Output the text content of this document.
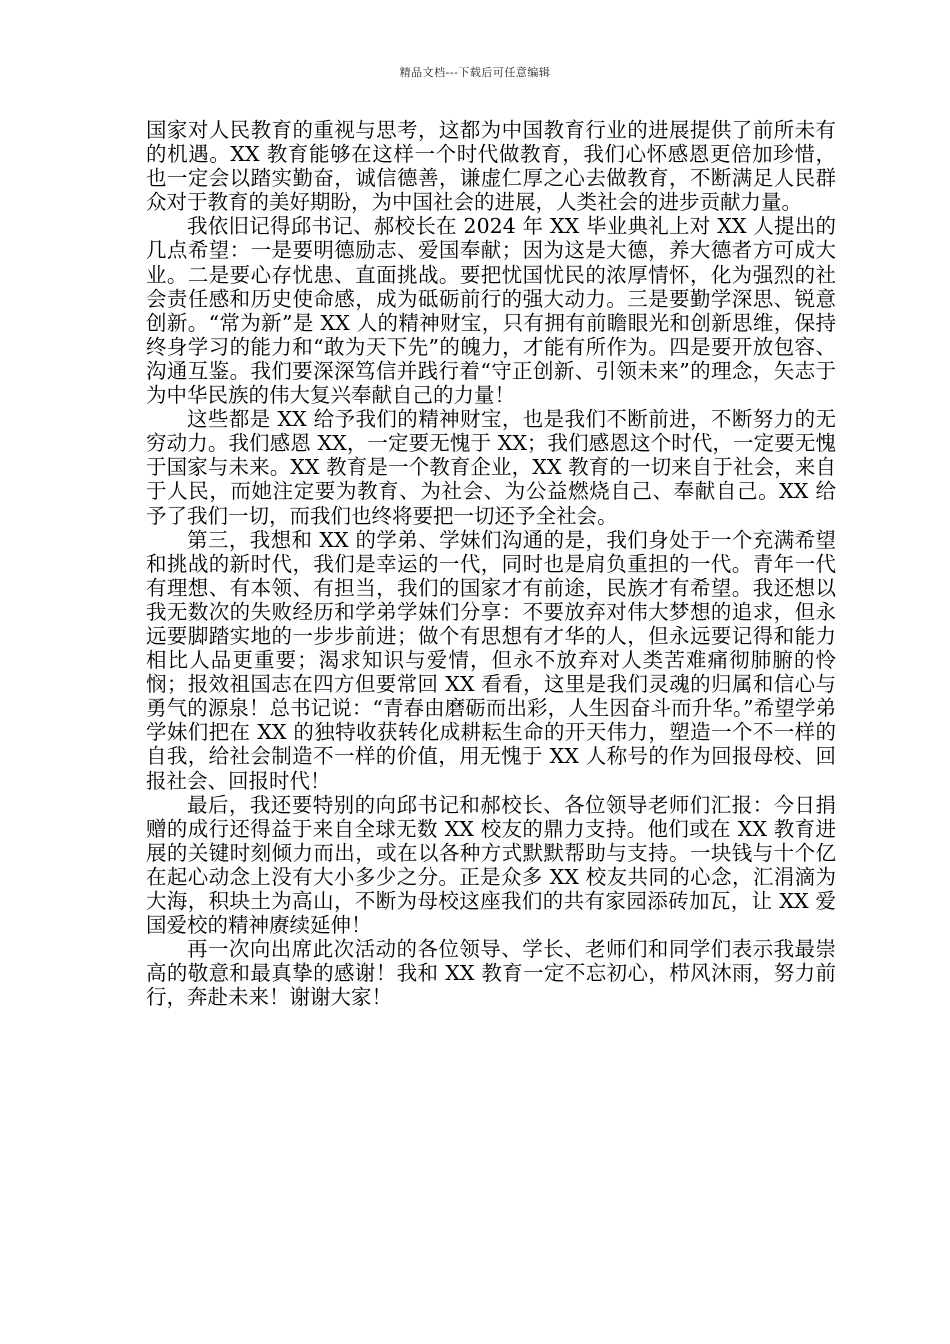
精品文档---下载后可任意编辑

国家对人民教育的重视与思考，这都为中国教育行业的进展提供了前所未有的机遇。XX 教育能够在这样一个时代做教育，我们心怀感恩更倍加珍惜，也一定会以踏实勤奋，诚信德善，谦虚仁厚之心去做教育，不断满足人民群众对于教育的美好期盼，为中国社会的进展，人类社会的进步贡献力量。

我依旧记得邱书记、郝校长在 2024 年 XX 毕业典礼上对 XX 人提出的几点希望：一是要明德励志、爱国奉献；因为这是大德，养大德者方可成大业。二是要心存忧患、直面挑战。要把忧国忧民的浓厚情怀，化为强烈的社会责任感和历史使命感，成为砥砺前行的强大动力。三是要勤学深思、锐意创新。“常为新”是 XX 人的精神财宝，只有拥有前瞻眼光和创新思维，保持终身学习的能力和“敢为天下先”的魄力，才能有所作为。四是要开放包容、沟通互鉴。我们要深深笃信并践行着“守正创新、引领未来”的理念，矢志于为中华民族的伟大复兴奉献自己的力量！

这些都是 XX 给予我们的精神财宝，也是我们不断前进，不断努力的无穷动力。我们感恩 XX，一定要无愧于 XX；我们感恩这个时代，一定要无愧于国家与未来。XX 教育是一个教育企业，XX 教育的一切来自于社会，来自于人民，而她注定要为教育、为社会、为公益燃烧自己、奉献自己。XX 给予了我们一切，而我们也终将要把一切还予全社会。

第三，我想和 XX 的学弟、学妹们沟通的是，我们身处于一个充满希望和挑战的新时代，我们是幸运的一代，同时也是肩负重担的一代。青年一代有理想、有本领、有担当，我们的国家才有前途，民族才有希望。我还想以我无数次的失败经历和学弟学妹们分享：不要放弃对伟大梦想的追求，但永远要脚踏实地的一步步前进；做个有思想有才华的人，但永远要记得和能力相比人品更重要；渴求知识与爱情，但永不放弃对人类苦难痛彻肺腑的怜悯；报效祖国志在四方但要常回 XX 看看，这里是我们灵魂的归属和信心与勇气的源泉！总书记说：“青春由磨砺而出彩，人生因奋斗而升华。”希望学弟学妹们把在 XX 的独特收获转化成耕耘生命的开天伟力，塑造一个不一样的自我，给社会制造不一样的价值，用无愧于 XX 人称号的作为回报母校、回报社会、回报时代！

最后，我还要特别的向邱书记和郝校长、各位领导老师们汇报：今日捐赠的成行还得益于来自全球无数 XX 校友的鼎力支持。他们或在 XX 教育进展的关键时刻倾力而出，或在以各种方式默默帮助与支持。一块钱与十个亿在起心动念上没有大小多少之分。正是众多 XX 校友共同的心念，汇涓滴为大海，积块土为高山，不断为母校这座我们的共有家园添砖加瓦，让 XX 爱国爱校的精神赓续延伸！

再一次向出席此次活动的各位领导、学长、老师们和同学们表示我最崇高的敬意和最真挚的感谢！我和 XX 教育一定不忘初心，栉风沐雨，努力前行，奔赴未来！谢谢大家！
